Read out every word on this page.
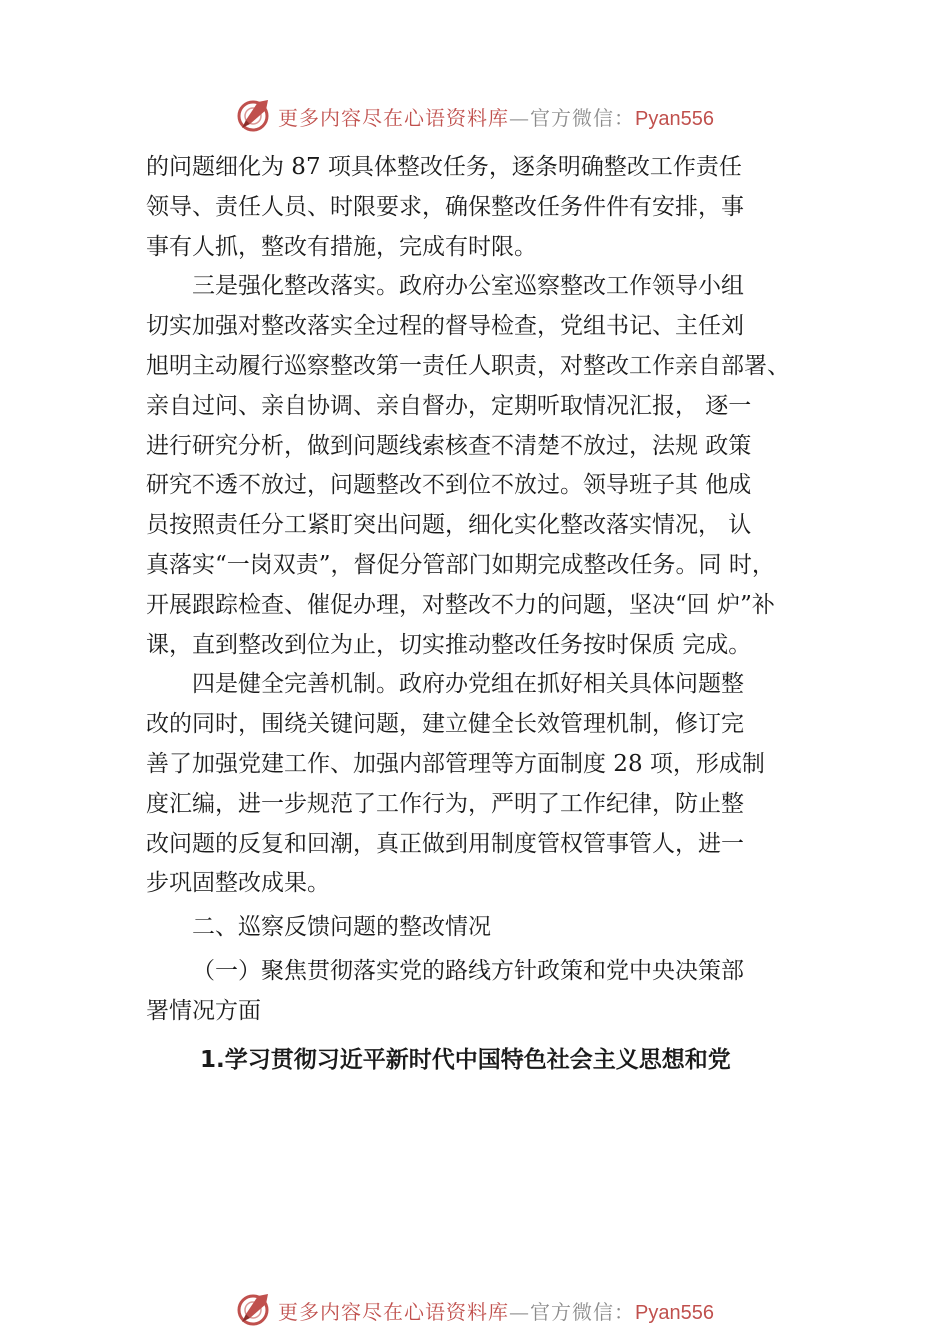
更多内容尽在心语资料库—官方微信：Pyan556
的问题细化为 87 项具体整改任务，逐条明确整改工作责任
领导、责任人员、时限要求，确保整改任务件件有安排，事
事有人抓，整改有措施，完成有时限。
三是强化整改落实。政府办公室巡察整改工作领导小组
切实加强对整改落实全过程的督导检查，党组书记、主任刘
旭明主动履行巡察整改第一责任人职责，对整改工作亲自部署、
亲自过问、亲自协调、亲自督办，定期听取情况汇报， 逐一
进行研究分析，做到问题线索核查不清楚不放过，法规 政策
研究不透不放过，问题整改不到位不放过。领导班子其 他成
员按照责任分工紧盯突出问题，细化实化整改落实情况， 认
真落实“一岗双责”，督促分管部门如期完成整改任务。同 时，
开展跟踪检查、催促办理，对整改不力的问题，坚决“回 炉”补
课，直到整改到位为止，切实推动整改任务按时保质 完成。
四是健全完善机制。政府办党组在抓好相关具体问题整
改的同时，围绕关键问题，建立健全长效管理机制，修订完
善了加强党建工作、加强内部管理等方面制度 28 项，形成制
度汇编，进一步规范了工作行为，严明了工作纪律，防止整
改问题的反复和回潮，真正做到用制度管权管事管人，进一
步巩固整改成果。
二、巡察反馈问题的整改情况
（一）聚焦贯彻落实党的路线方针政策和党中央决策部
署情况方面
1.学习贯彻习近平新时代中国特色社会主义思想和党
更多内容尽在心语资料库—官方微信：Pyan556
